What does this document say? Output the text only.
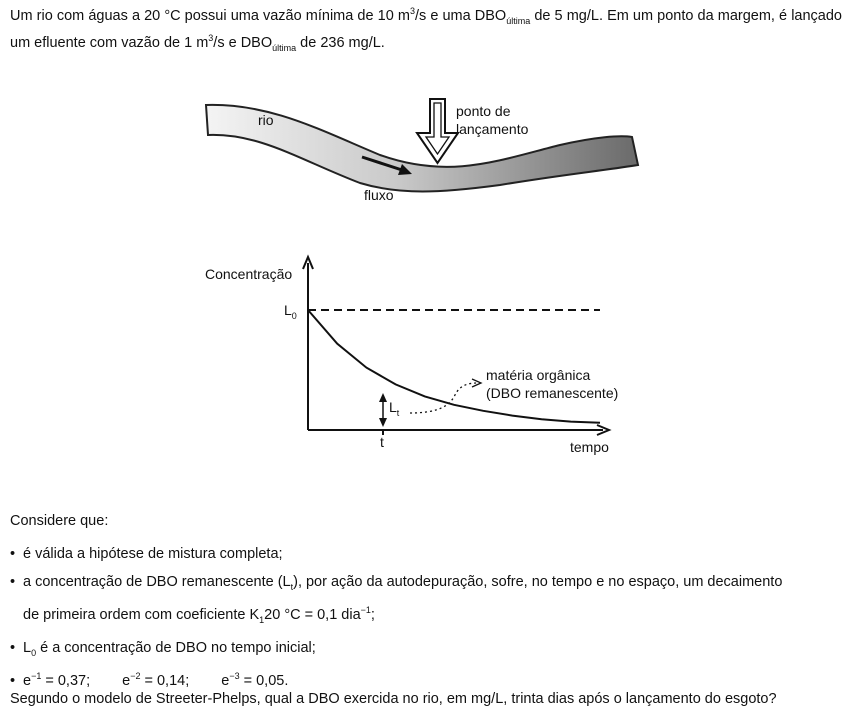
Um rio com águas a 20 °C possui uma vazão mínima de 10 $m^3/s$ e uma $DBO_{última}$ de 5 mg/L. Em um ponto da margem, é lançado um efluente com vazão de 1 $m^3/s$ e $DBO_{última}$ de 236 mg/L.
rio
ponto de
lançamento
fluxo
Concentração
tempo
$L_0$
t
$L_t$
matéria orgânica
(DBO remanescente)
Considere que:
• é válida a hipótese de mistura completa;
• a concentração de DBO remanescente $(L_t)$, por ação da autodepuração, sofre, no tempo e no espaço, um decaimento
de primeira ordem com coeficiente $K_120$ °C = 0,1 dia$^{-1}$;
• $L_0$ é a concentração de DBO no tempo inicial;
• $e^{-1} = 0,37$; $e^{-2} = 0,14$; $e^{-3} = 0,05$.
Segundo o modelo de Streeter-Phelps, qual a DBO exercida no rio, em mg/L, trinta dias após o lançamento do esgoto?
